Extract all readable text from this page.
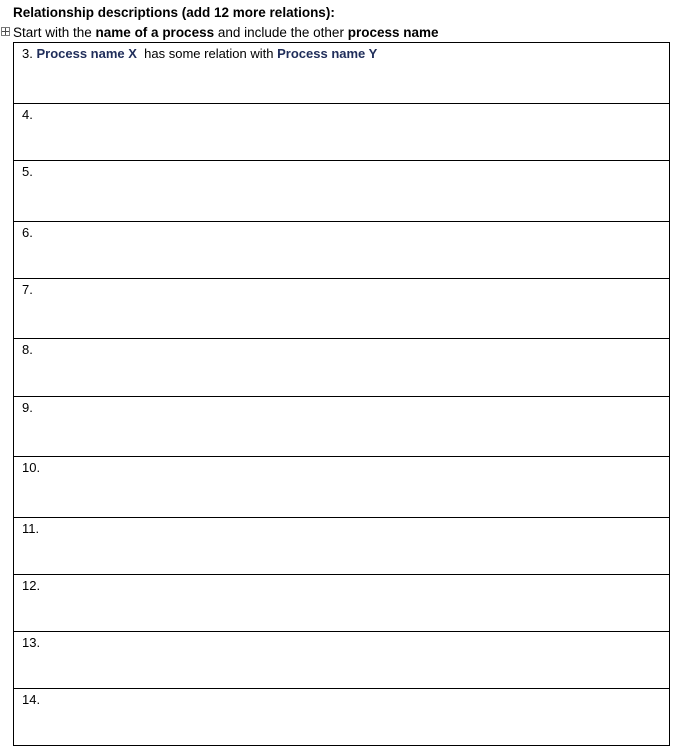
Relationship descriptions (add 12 more relations):
Start with the name of a process and include the other process name
3. Process name X has some relation with Process name Y
4.
5.
6.
7.
8.
9.
10.
11.
12.
13.
14.
